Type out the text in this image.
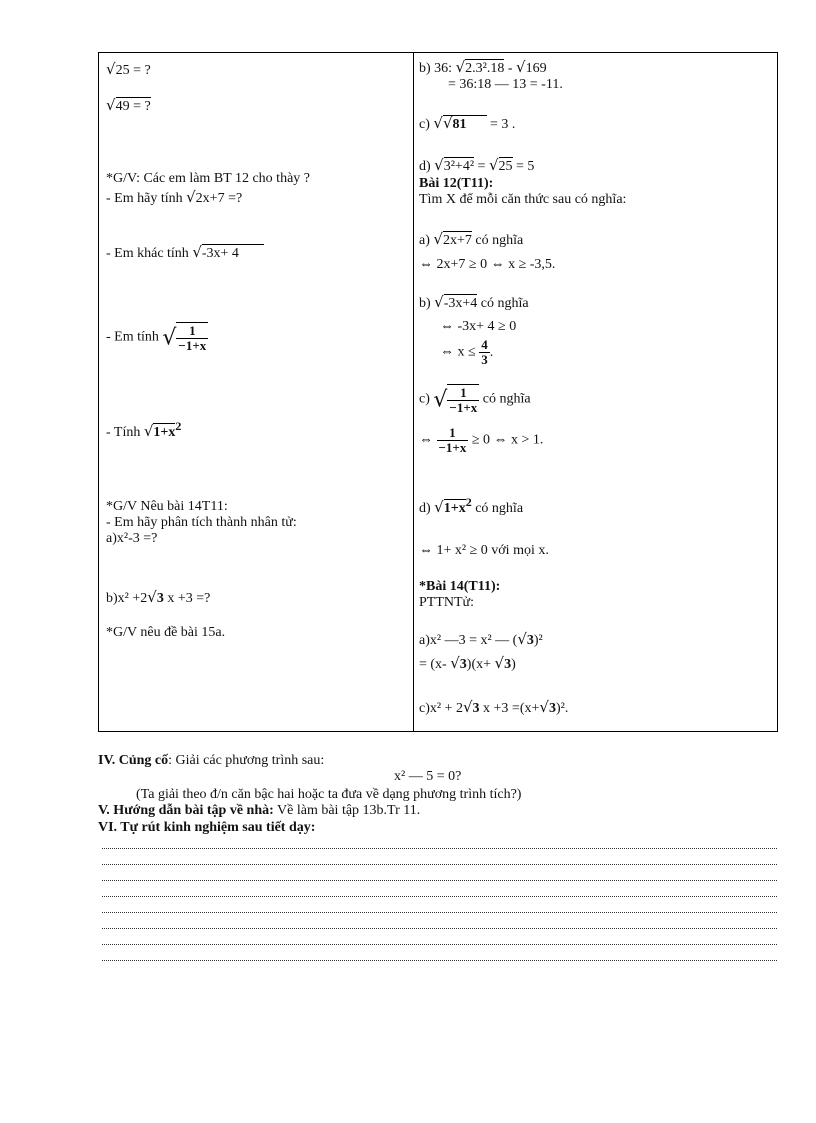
√25 = ?
√49 = ?
*G/V: Các em làm BT 12 cho thày ?
- Em hãy tính √2x+7 =?
- Em khác tính √-3x+ 4
- Em tính √ $\frac{1}{-1+x}$
- Tính $√1+x^2$
*G/V Nêu bài 14T11:
- Em hãy phân tích thành nhân tử:
a)x²-3 =?
b)x² +2√3 x +3 =?
*G/V nêu đề bài 15a.
b) 36: √2.3².18 - √169
= 36:18 — 13 = -11.
c) √√81 = 3 .
d) √3²+4² = √25 = 5
Bài 12(T11):
Tìm X để mỗi căn thức sau có nghĩa:
a) √2x+7 có nghĩa
⇔ 2x+7 ≥ 0 ⇔ x ≥ -3,5.
b) √-3x+4 có nghĩa
⇔ -3x+ 4 ≥ 0
⇔ $x \le \frac{4}{3}$ .
c) √ $\frac{1}{-1+x}$ có nghĩa
⇔ $\frac{1}{-1+x} \ge 0$ ⇔ x > 1.
d) $√1+x^2$ có nghĩa
⇔ 1+ x² ≥ 0 với mọi x.
*Bài 14(T11):
PTTNTử:
a)x² —3 = x² — (√3)²
= (x- √3)(x+ √3)
c)x² + 2√3 x +3 =(x+√3)².
IV. Củng cố: Giải các phương trình sau:
x² — 5 = 0?
(Ta giải theo đ/n căn bậc hai hoặc ta đưa về dạng phương trình tích?)
V. Hướng dẫn bài tập về nhà: Về làm bài tập 13b.Tr 11.
VI. Tự rút kinh nghiệm sau tiết dạy:
